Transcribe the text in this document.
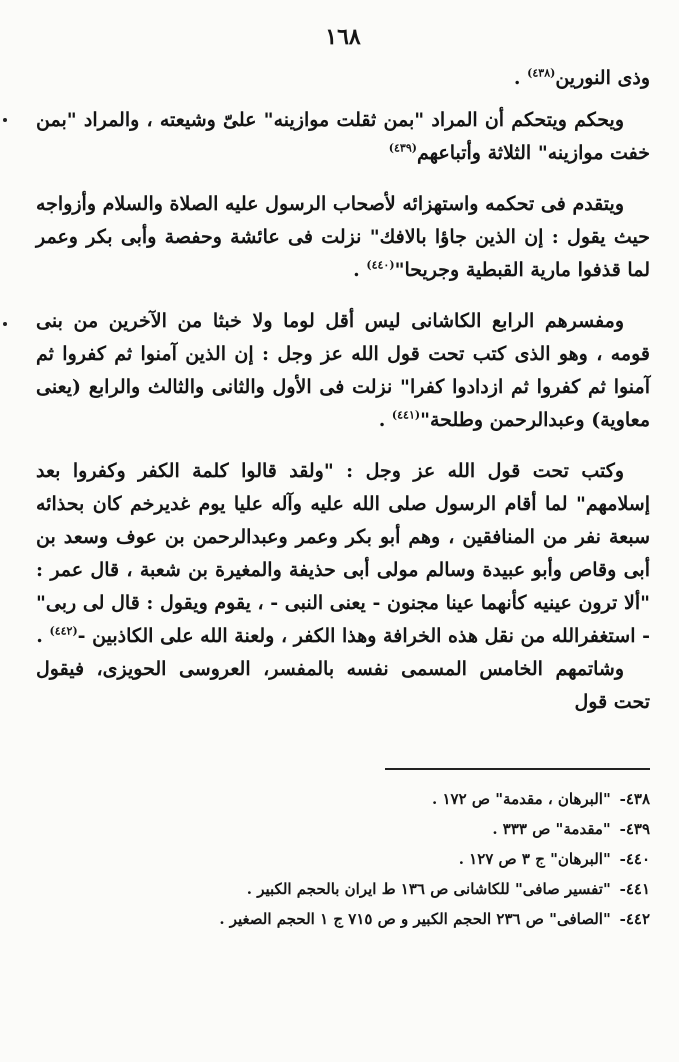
١٦٨

وذى النورين$^{(٤٣٨)}$ .

ويحكم ويتحكم أن المراد "بمن ثقلت موازينه" علىّ وشيعته ، والمراد "بمن خفت موازينه" الثلاثة وأتباعهم$^{(٤٣٩)}$

ويتقدم فى تحكمه واستهزائه لأصحاب الرسول عليه الصلاة والسلام وأزواجه حيث يقول : إن الذين جاؤا بالافك" نزلت فى عائشة وحفصة وأبى بكر وعمر لما قذفوا مارية القبطية وجريحا"$^{(٤٤٠)}$ .

ومفسرهم الرابع الكاشانى ليس أقل لوما ولا خبثا من الآخرين من بنى قومه ، وهو الذى كتب تحت قول الله عز وجل : إن الذين آمنوا ثم كفروا ثم آمنوا ثم كفروا ثم ازدادوا كفرا" نزلت فى الأول والثانى والثالث والرابع (يعنى معاوية) وعبدالرحمن وطلحة"$^{(٤٤١)}$ .

وكتب تحت قول الله عز وجل : "ولقد قالوا كلمة الكفر وكفروا بعد إسلامهم" لما أقام الرسول صلى الله عليه وآله عليا يوم غديرخم كان بحذائه سبعة نفر من المنافقين ، وهم أبو بكر وعمر وعبدالرحمن بن عوف وسعد بن أبى وقاص وأبو عبيدة وسالم مولى أبى حذيفة والمغيرة بن شعبة ، قال عمر : "ألا ترون عينيه كأنهما عينا مجنون - يعنى النبى - ، يقوم ويقول : قال لى ربى" - استغفرالله من نقل هذه الخرافة وهذا الكفر ، ولعنة الله على الكاذبين -$^{(٤٤٢)}$ .

وشاتمهم الخامس المسمى نفسه بالمفسر، العروسى الحويزى، فيقول تحت قول

٤٣٨- "البرهان ، مقدمة" ص ١٧٢ .

٤٣٩- "مقدمة" ص ٣٣٣ .

٤٤٠- "البرهان" ج ٣ ص ١٢٧ .

٤٤١- "تفسير صافى" للكاشانى ص ١٣٦ ط ايران بالحجم الكبير .

٤٤٢- "الصافى" ص ٢٣٦ الحجم الكبير و ص ٧١٥ ج ١ الحجم الصغير .
